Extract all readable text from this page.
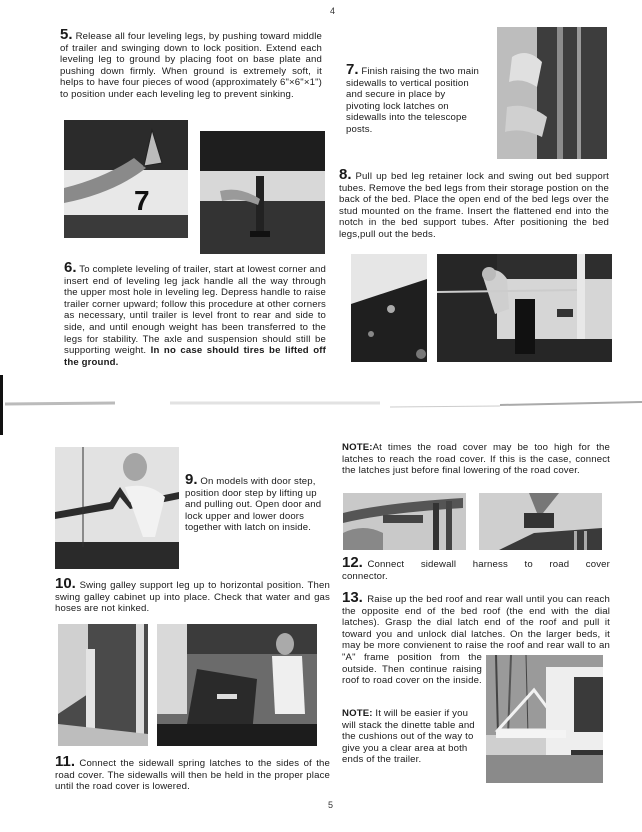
4
5. Release all four leveling legs, by pushing toward middle of trailer and swinging down to lock position. Extend each leveling leg to ground by placing foot on base plate and pushing down firmly. When ground is extremely soft, it helps to have four pieces of wood (approximately 6"×6"×1") to position under each leveling leg to prevent sinking.
7
7. Finish raising the two main sidewalls to vertical position and secure in place by pivoting lock latches on sidewalls into the telescope posts.
8. Pull up bed leg retainer lock and swing out bed support tubes. Remove the bed legs from their storage postion on the back of the bed. Place the open end of the bed legs over the stud mounted on the frame. Insert the flattened end into the notch in the bed support tubes. After positioning the bed legs,pull out the beds.
6. To complete leveling of trailer, start at lowest corner and insert end of leveling leg jack handle all the way through the upper most hole in leveling leg. Depress handle to raise trailer corner upward; follow this procedure at other corners as necessary, until trailer is level front to rear and side to side, and until enough weight has been transferred to the legs for stability. The axle and suspension should still be supporting weight. In no case should tires be lifted off the ground.
9. On models with door step, position door step by lifting up and pulling out. Open door and lock upper and lower doors together with latch on inside.
10. Swing galley support leg up to horizontal position. Then swing galley cabinet up into place. Check that water and gas hoses are not kinked.
11. Connect the sidewall spring latches to the sides of the road cover. The sidewalls will then be held in the proper place until the road cover is lowered.
NOTE:At times the road cover may be too high for the latches to reach the road cover. If this is the case, connect the latches just before final lowering of the road cover.
12. Connect sidewall harness to road cover connector.
NOTE: It will be easier if you will stack the dinette table and the cushions out of the way to give you a clear area at both ends of the trailer.
5
13. Raise up the bed roof and rear wall until you can reach the opposite end of the bed roof (the end with the dial latches). Grasp the dial latch end of the roof and pull it toward you and unlock dial latches. On the larger beds, it may be more convienent to raise the roof and rear wall to an "A" frame position from the outside. Then continue raising roof to road cover on the inside.
